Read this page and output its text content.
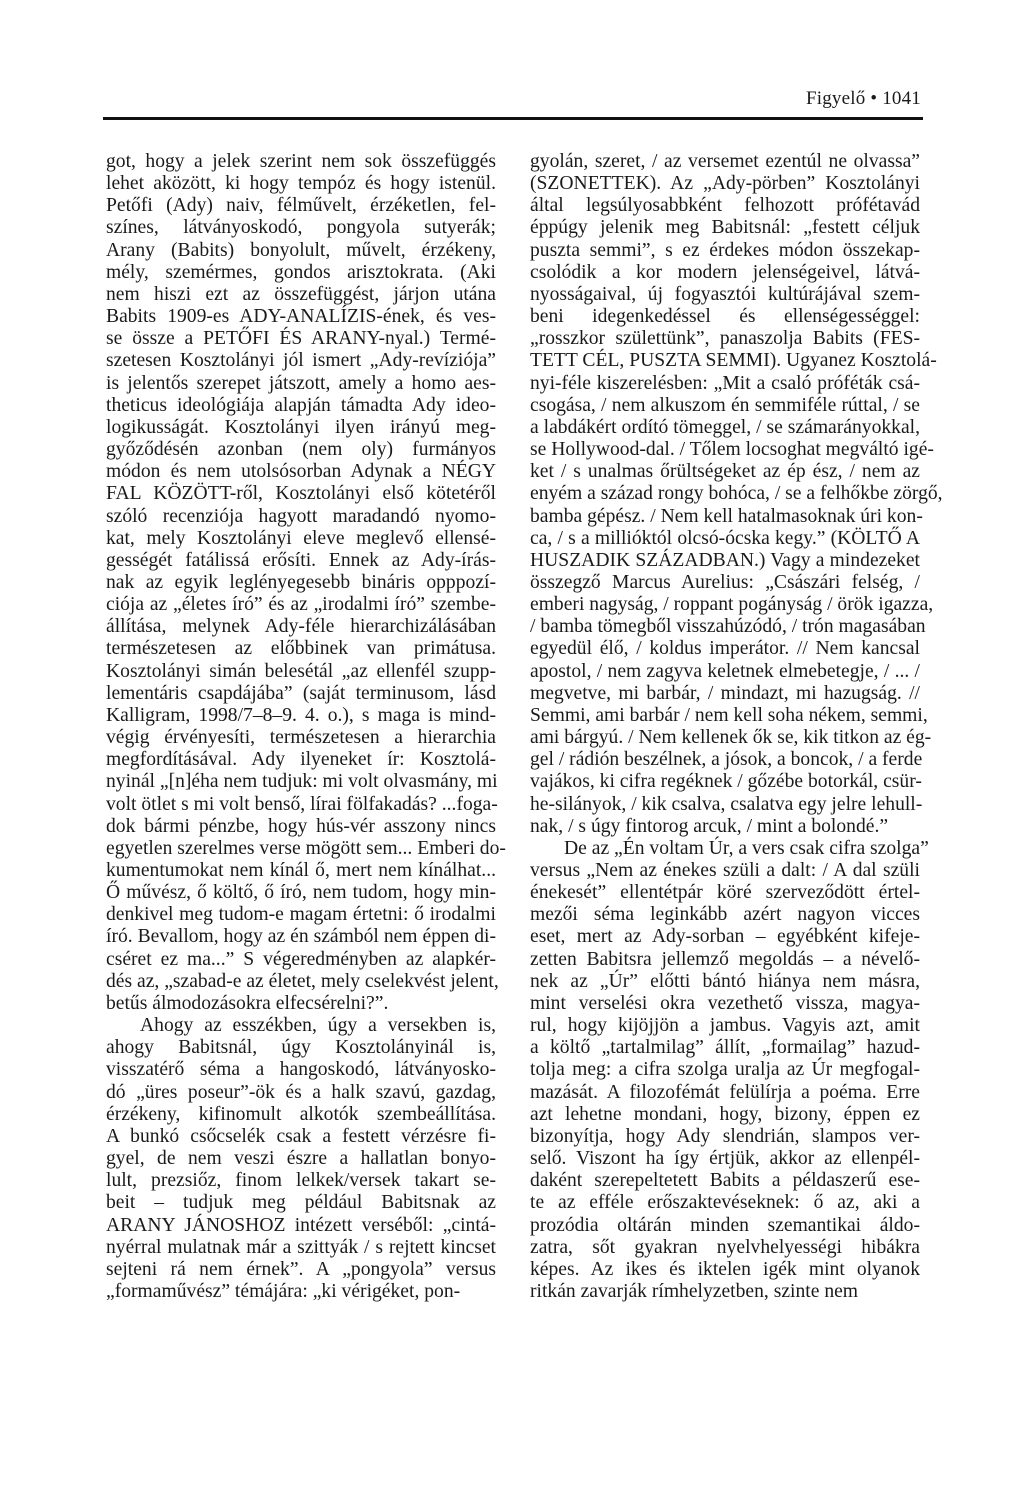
Figyelő • 1041
got, hogy a jelek szerint nem sok összefüggés
lehet aközött, ki hogy tempóz és hogy istenül.
Petőfi (Ady) naiv, félművelt, érzéketlen, fel-
színes, látványoskodó, pongyola sutyerák;
Arany (Babits) bonyolult, művelt, érzékeny,
mély, szemérmes, gondos arisztokrata. (Aki
nem hiszi ezt az összefüggést, járjon utána
Babits 1909-es ADY-ANALÍZIS-ének, és ves-
se össze a PETŐFI ÉS ARANY-nyal.) Termé-
szetesen Kosztolányi jól ismert „Ady-revíziója”
is jelentős szerepet játszott, amely a homo aes-
theticus ideológiája alapján támadta Ady ideo-
logikusságát. Kosztolányi ilyen irányú meg-
győződésén azonban (nem oly) furmányos
módon és nem utolsósorban Adynak a NÉGY
FAL KÖZÖTT-ről, Kosztolányi első kötetéről
szóló recenziója hagyott maradandó nyomo-
kat, mely Kosztolányi eleve meglevő ellensé-
gességét fatálissá erősíti. Ennek az Ady-írás-
nak az egyik leglényegesebb bináris opppozí-
ciója az „életes író” és az „irodalmi író” szembe-
állítása, melynek Ady-féle hierarchizálásában
természetesen az előbbinek van primátusa.
Kosztolányi simán belesétál „az ellenfél szupp-
lementáris csapdájába” (saját terminusom, lásd
Kalligram, 1998/7–8–9. 4. o.), s maga is mind-
végig érvényesíti, természetesen a hierarchia
megfordításával. Ady ilyeneket ír: Kosztolá-
nyinál „[n]éha nem tudjuk: mi volt olvasmány, mi
volt ötlet s mi volt benső, lírai fölfakadás? ...foga-
dok bármi pénzbe, hogy hús-vér asszony nincs
egyetlen szerelmes verse mögött sem... Emberi do-
kumentumokat nem kínál ő, mert nem kínálhat...
Ő művész, ő költő, ő író, nem tudom, hogy min-
denkivel meg tudom-e magam értetni: ő irodalmi
író. Bevallom, hogy az én számból nem éppen di-
cséret ez ma...” S végeredményben az alapkér-
dés az, „szabad-e az életet, mely cselekvést jelent,
betűs álmodozásokra elfecsérelni?”.
Ahogy az esszékben, úgy a versekben is,
ahogy Babitsnál, úgy Kosztolányinál is,
visszatérő séma a hangoskodó, látványosko-
dó „üres poseur”-ök és a halk szavú, gazdag,
érzékeny, kifinomult alkotók szembeállítása.
A bunkó csőcselék csak a festett vérzésre fi-
gyel, de nem veszi észre a hallatlan bonyo-
lult, prezsiőz, finom lelkek/versek takart se-
beit – tudjuk meg például Babitsnak az
ARANY JÁNOSHOZ intézett verséből: „cintá-
nyérral mulatnak már a szittyák / s rejtett kincset
sejteni rá nem érnek”. A „pongyola” versus
„formaművész” témájára: „ki vérigéket, pon-
gyolán, szeret, / az versemet ezentúl ne olvassa”
(SZONETTEK). Az „Ady-pörben” Kosztolányi
által legsúlyosabbként felhozott prófétavád
éppúgy jelenik meg Babitsnál: „festett céljuk
puszta semmi”, s ez érdekes módon összekap-
csolódik a kor modern jelenségeivel, látvá-
nyosságaival, új fogyasztói kultúrájával szem-
beni idegenkedéssel és ellenségességgel:
„rosszkor születtünk”, panaszolja Babits (FES-
TETT CÉL, PUSZTA SEMMI). Ugyanez Kosztolá-
nyi-féle kiszerelésben: „Mit a csaló próféták csá-
csogása, / nem alkuszom én semmiféle rúttal, / se
a labdákért ordító tömeggel, / se számarányokkal,
se Hollywood-dal. / Tőlem locsoghat megváltó igé-
ket / s unalmas őrültségeket az ép ész, / nem az
enyém a század rongy bohóca, / se a felhőkbe zörgő,
bamba gépész. / Nem kell hatalmasoknak úri kon-
ca, / s a millióktól olcsó-ócska kegy.” (KÖLTŐ A
HUSZADIK SZÁZADBAN.) Vagy a mindezeket
összegző Marcus Aurelius: „Császári felség, /
emberi nagyság, / roppant pogányság / örök igazza,
/ bamba tömegből visszahúzódó, / trón magasában
egyedül élő, / koldus imperátor. // Nem kancsal
apostol, / nem zagyva keletnek elmebetegje, / ... /
megvetve, mi barbár, / mindazt, mi hazugság. //
Semmi, ami barbár / nem kell soha nékem, semmi,
ami bárgyú. / Nem kellenek ők se, kik titkon az ég-
gel / rádión beszélnek, a jósok, a boncok, / a ferde
vajákos, ki cifra regéknek / gőzébe botorkál, csür-
he-silányok, / kik csalva, csalatva egy jelre lehull-
nak, / s úgy fintorog arcuk, / mint a bolondé.”
De az „Én voltam Úr, a vers csak cifra szolga”
versus „Nem az énekes szüli a dalt: / A dal szüli
énekesét” ellentétpár köré szerveződött értel-
mezői séma leginkább azért nagyon vicces
eset, mert az Ady-sorban – egyébként kifeje-
zetten Babitsra jellemző megoldás – a névelő-
nek az „Úr” előtti bántó hiánya nem másra,
mint verselési okra vezethető vissza, magya-
rul, hogy kijöjjön a jambus. Vagyis azt, amit
a költő „tartalmilag” állít, „formailag” hazud-
tolja meg: a cifra szolga uralja az Úr megfogal-
mazását. A filozofémát felülírja a poéma. Erre
azt lehetne mondani, hogy, bizony, éppen ez
bizonyítja, hogy Ady slendrián, slampos ver-
selő. Viszont ha így értjük, akkor az ellenpél-
daként szerepeltetett Babits a példaszerű ese-
te az efféle erőszaktevéseknek: ő az, aki a
prozódia oltárán minden szemantikai áldo-
zatra, sőt gyakran nyelvhelyességi hibákra
képes. Az ikes és iktelen igék mint olyanok
ritkán zavarják rímhelyzetben, szinte nem
